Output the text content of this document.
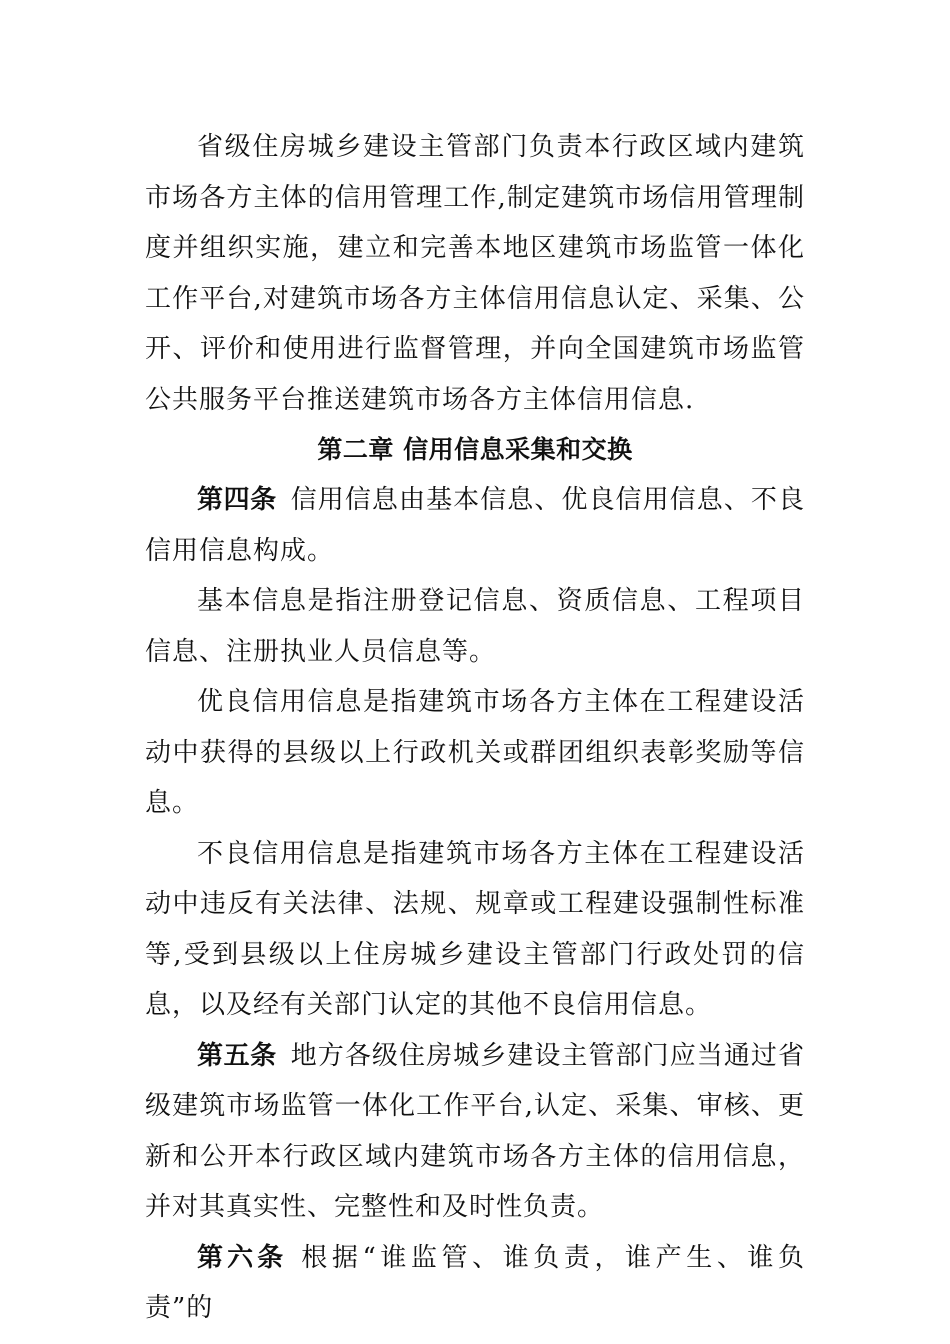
省级住房城乡建设主管部门负责本行政区域内建筑市场各方主体的信用管理工作,制定建筑市场信用管理制度并组织实施，建立和完善本地区建筑市场监管一体化工作平台,对建筑市场各方主体信用信息认定、采集、公开、评价和使用进行监督管理，并向全国建筑市场监管公共服务平台推送建筑市场各方主体信用信息.

第二章 信用信息采集和交换

第四条 信用信息由基本信息、优良信用信息、不良信用信息构成。

基本信息是指注册登记信息、资质信息、工程项目信息、注册执业人员信息等。

优良信用信息是指建筑市场各方主体在工程建设活动中获得的县级以上行政机关或群团组织表彰奖励等信息。

不良信用信息是指建筑市场各方主体在工程建设活动中违反有关法律、法规、规章或工程建设强制性标准等,受到县级以上住房城乡建设主管部门行政处罚的信息，以及经有关部门认定的其他不良信用信息。

第五条 地方各级住房城乡建设主管部门应当通过省级建筑市场监管一体化工作平台,认定、采集、审核、更新和公开本行政区域内建筑市场各方主体的信用信息，并对其真实性、完整性和及时性负责。

第六条 根据“谁监管、谁负责，谁产生、谁负责”的
